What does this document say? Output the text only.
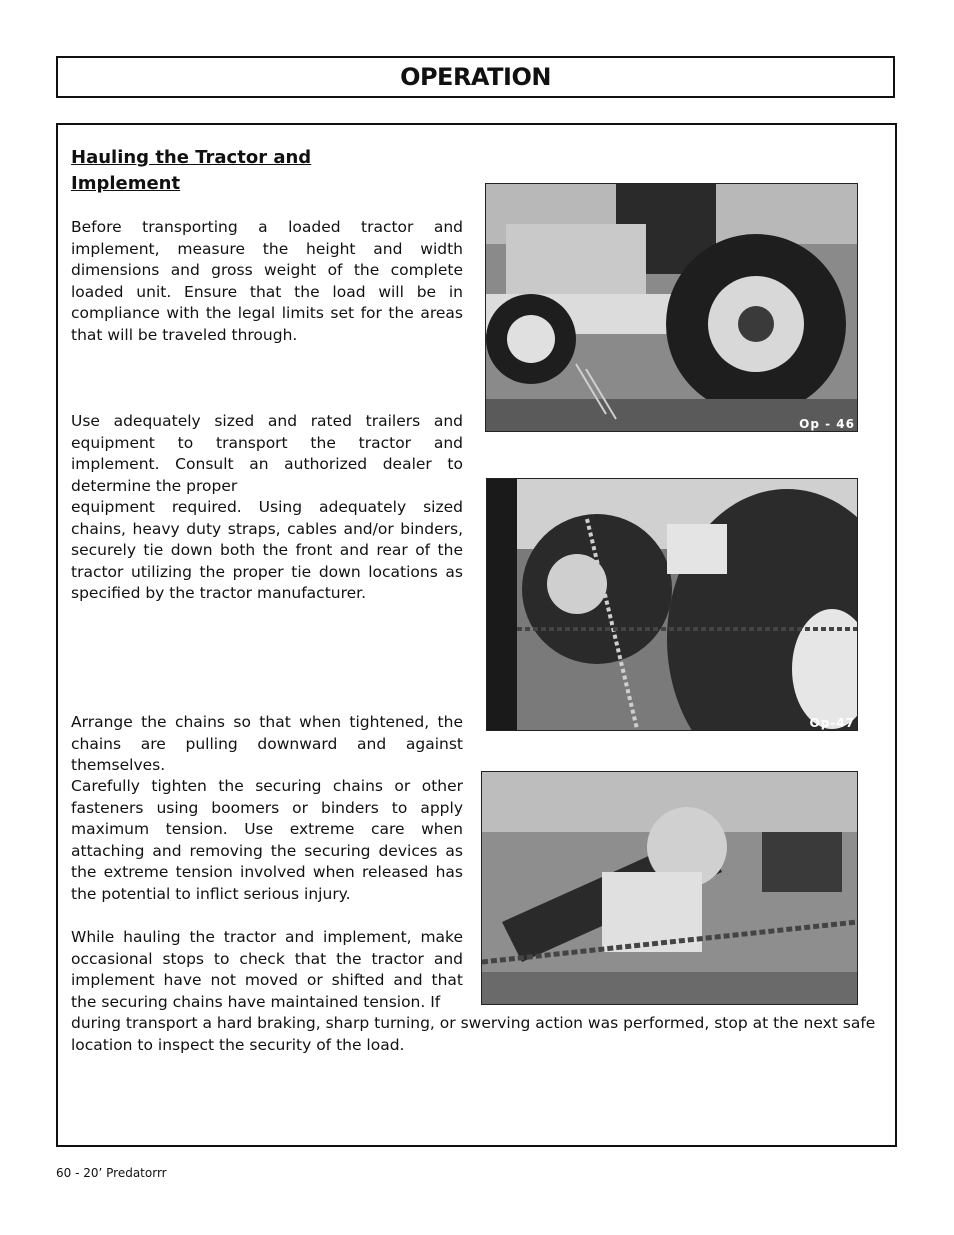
OPERATION
Hauling the Tractor and
Implement

Before transporting a loaded tractor and implement, measure the height and width dimensions and gross weight of the complete loaded unit. Ensure that the load will be in compliance with the legal limits set for the areas that will be traveled through.

Use adequately sized and rated trailers and equipment to transport the tractor and implement. Consult an authorized dealer to determine the proper

equipment required. Using adequately sized chains, heavy duty straps, cables and/or binders, securely tie down both the front and rear of the tractor utilizing the proper tie down locations as specified by the tractor manufacturer.

Arrange the chains so that when tightened, the chains are pulling downward and against themselves.

Carefully tighten the securing chains or other fasteners using boomers or binders to apply maximum tension. Use extreme care when attaching and removing the securing devices as the extreme tension involved when released has the potential to inflict serious injury.

While hauling the tractor and implement, make occasional stops to check that the tractor and implement have not moved or shifted and that the securing chains have maintained tension. If

during transport a hard braking, sharp turning, or swerving action was performed, stop at the next safe location to inspect the security of the load.

Op - 46
Op-47
60 - 20’ Predatorrr
